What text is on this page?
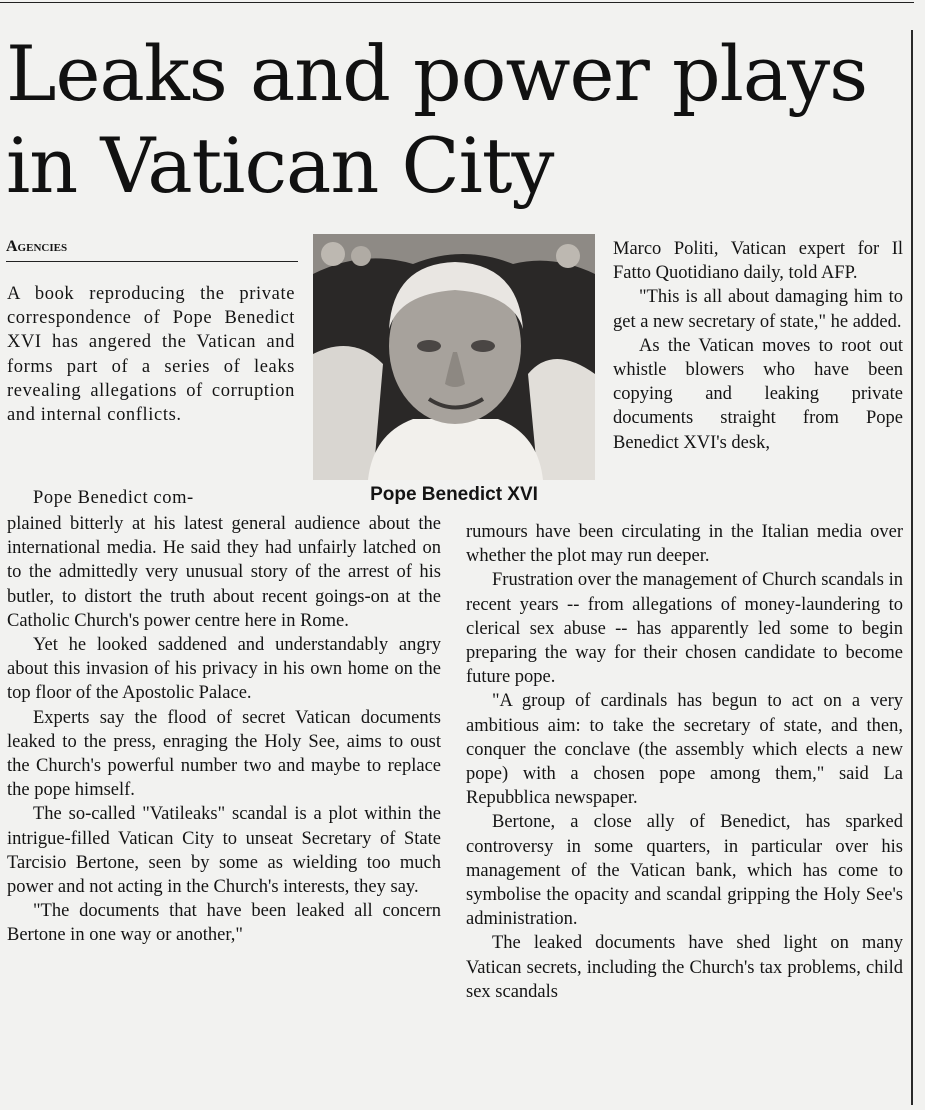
Leaks and power plays in Vatican City
Agencies

A book reproducing the private correspondence of Pope Benedict XVI has angered the Vatican and forms part of a series of leaks revealing allegations of corruption and internal conflicts.

Pope Benedict com-

plained bitterly at his latest general audience about the international media. He said they had unfairly latched on to the admittedly very unusual story of the arrest of his butler, to distort the truth about recent goings-on at the Catholic Church's power centre here in Rome.

Yet he looked saddened and understandably angry about this invasion of his privacy in his own home on the top floor of the Apostolic Palace.

Experts say the flood of secret Vatican documents leaked to the press, enraging the Holy See, aims to oust the Church's powerful number two and maybe to replace the pope himself.

The so-called "Vatileaks" scandal is a plot within the intrigue-filled Vatican City to unseat Secretary of State Tarcisio Bertone, seen by some as wielding too much power and not acting in the Church's interests, they say.

"The documents that have been leaked all concern Bertone in one way or another,"

Pope Benedict XVI

Marco Politi, Vatican expert for Il Fatto Quotidiano daily, told AFP.

"This is all about damaging him to get a new secretary of state," he added.

As the Vatican moves to root out whistle blowers who have been copying and leaking private documents straight from Pope Benedict XVI's desk,

rumours have been circulating in the Italian media over whether the plot may run deeper.

Frustration over the management of Church scandals in recent years -- from allegations of money-laundering to clerical sex abuse -- has apparently led some to begin preparing the way for their chosen candidate to become future pope.

"A group of cardinals has begun to act on a very ambitious aim: to take the secretary of state, and then, conquer the conclave (the assembly which elects a new pope) with a chosen pope among them," said La Repubblica newspaper.

Bertone, a close ally of Benedict, has sparked controversy in some quarters, in particular over his management of the Vatican bank, which has come to symbolise the opacity and scandal gripping the Holy See's administration.

The leaked documents have shed light on many Vatican secrets, including the Church's tax problems, child sex scandals
